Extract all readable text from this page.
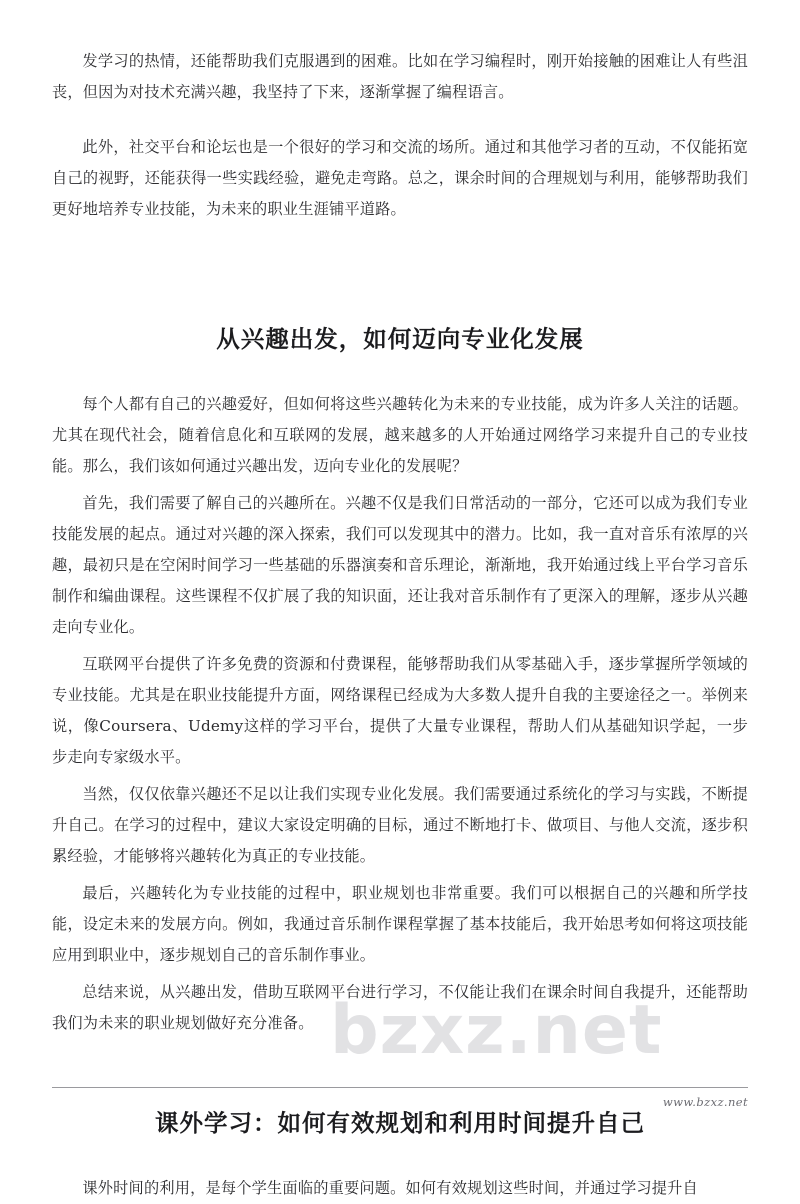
bzxz.net

发学习的热情，还能帮助我们克服遇到的困难。比如在学习编程时，刚开始接触的困难让人有些沮丧，但因为对技术充满兴趣，我坚持了下来，逐渐掌握了编程语言。

此外，社交平台和论坛也是一个很好的学习和交流的场所。通过和其他学习者的互动，不仅能拓宽自己的视野，还能获得一些实践经验，避免走弯路。总之，课余时间的合理规划与利用，能够帮助我们更好地培养专业技能，为未来的职业生涯铺平道路。

从兴趣出发，如何迈向专业化发展

每个人都有自己的兴趣爱好，但如何将这些兴趣转化为未来的专业技能，成为许多人关注的话题。尤其在现代社会，随着信息化和互联网的发展，越来越多的人开始通过网络学习来提升自己的专业技能。那么，我们该如何通过兴趣出发，迈向专业化的发展呢？

首先，我们需要了解自己的兴趣所在。兴趣不仅是我们日常活动的一部分，它还可以成为我们专业技能发展的起点。通过对兴趣的深入探索，我们可以发现其中的潜力。比如，我一直对音乐有浓厚的兴趣，最初只是在空闲时间学习一些基础的乐器演奏和音乐理论，渐渐地，我开始通过线上平台学习音乐制作和编曲课程。这些课程不仅扩展了我的知识面，还让我对音乐制作有了更深入的理解，逐步从兴趣走向专业化。

互联网平台提供了许多免费的资源和付费课程，能够帮助我们从零基础入手，逐步掌握所学领域的专业技能。尤其是在职业技能提升方面，网络课程已经成为大多数人提升自我的主要途径之一。举例来说，像Coursera、Udemy这样的学习平台，提供了大量专业课程，帮助人们从基础知识学起，一步步走向专家级水平。

当然，仅仅依靠兴趣还不足以让我们实现专业化发展。我们需要通过系统化的学习与实践，不断提升自己。在学习的过程中，建议大家设定明确的目标，通过不断地打卡、做项目、与他人交流，逐步积累经验，才能够将兴趣转化为真正的专业技能。

最后，兴趣转化为专业技能的过程中，职业规划也非常重要。我们可以根据自己的兴趣和所学技能，设定未来的发展方向。例如，我通过音乐制作课程掌握了基本技能后，我开始思考如何将这项技能应用到职业中，逐步规划自己的音乐制作事业。

总结来说，从兴趣出发，借助互联网平台进行学习，不仅能让我们在课余时间自我提升，还能帮助我们为未来的职业规划做好充分准备。

课外学习：如何有效规划和利用时间提升自己

课外时间的利用，是每个学生面临的重要问题。如何有效规划这些时间，并通过学习提升自

www.bzxz.net
